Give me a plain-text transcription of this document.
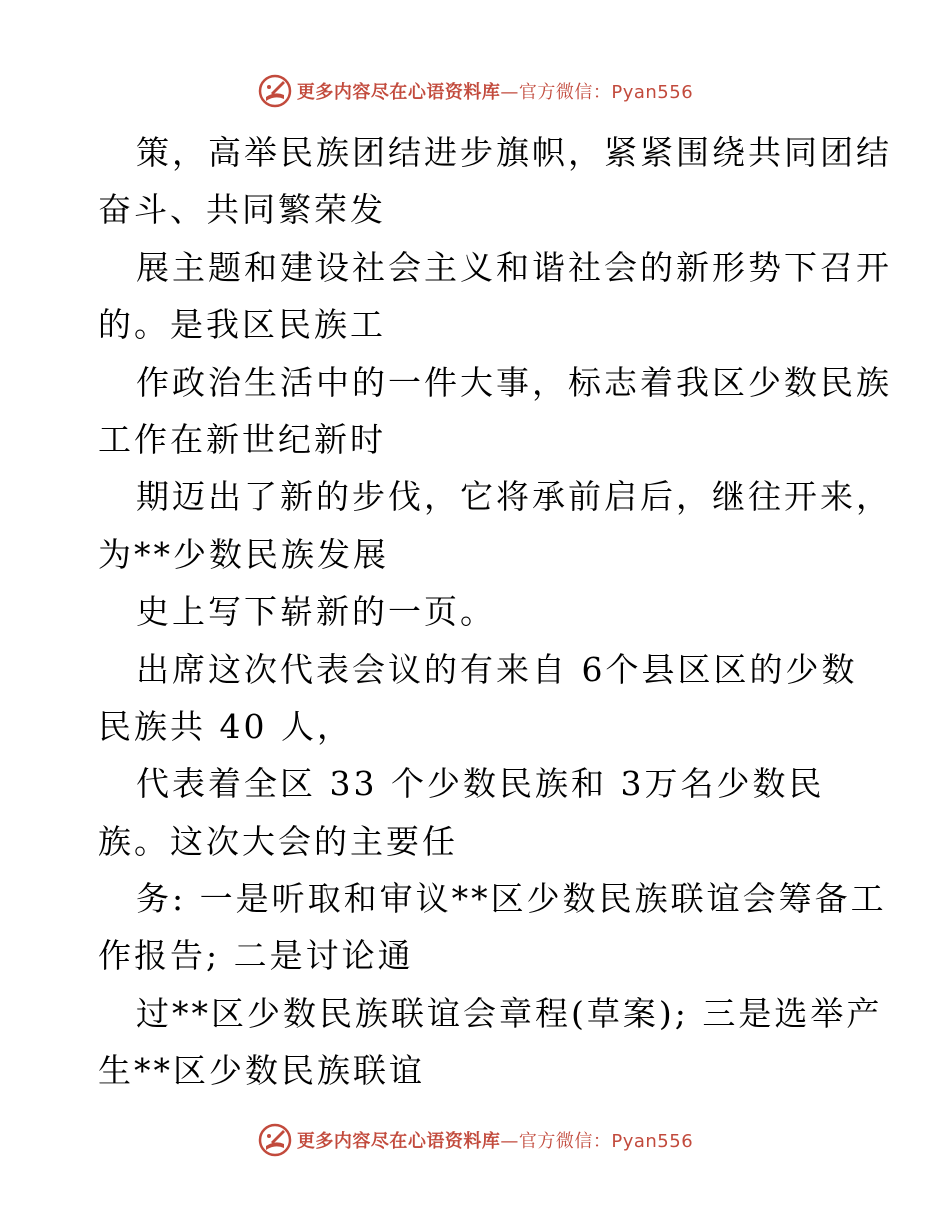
更多内容尽在心语资料库—官方微信：Pyan556
策，高举民族团结进步旗帜，紧紧围绕共同团结
奋斗、共同繁荣发
展主题和建设社会主义和谐社会的新形势下召开
的。是我区民族工
作政治生活中的一件大事，标志着我区少数民族
工作在新世纪新时
期迈出了新的步伐，它将承前启后，继往开来，
为**少数民族发展
史上写下崭新的一页。
出席这次代表会议的有来自 6个县区区的少数
民族共 40 人，
代表着全区 33 个少数民族和 3万名少数民
族。这次大会的主要任
务: 一是听取和审议**区少数民族联谊会筹备工
作报告; 二是讨论通
过**区少数民族联谊会章程(草案); 三是选举产
生**区少数民族联谊
更多内容尽在心语资料库—官方微信：Pyan556
